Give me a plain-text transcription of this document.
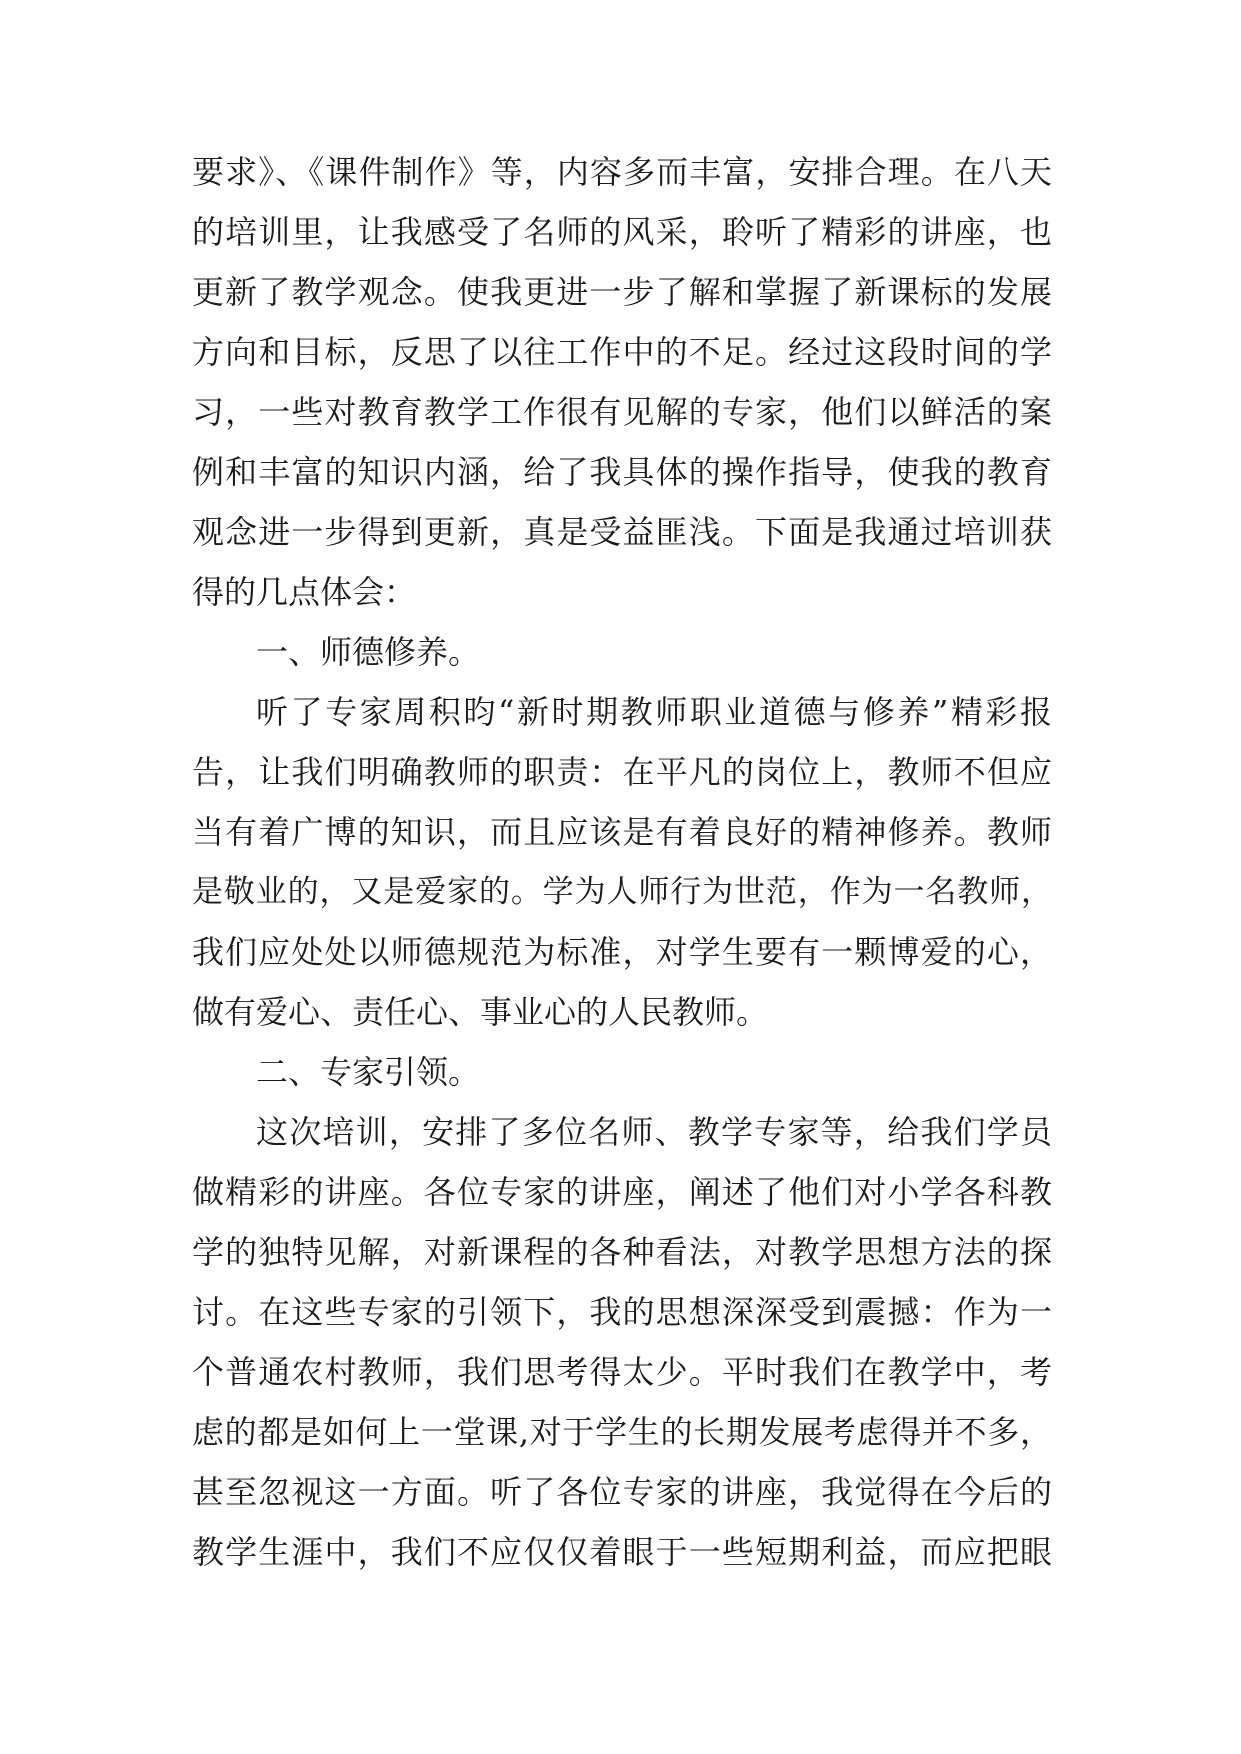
要求》、《课件制作》等，内容多而丰富，安排合理。在八天
的培训里，让我感受了名师的风采，聆听了精彩的讲座，也
更新了教学观念。使我更进一步了解和掌握了新课标的发展
方向和目标，反思了以往工作中的不足。经过这段时间的学
习，一些对教育教学工作很有见解的专家，他们以鲜活的案
例和丰富的知识内涵，给了我具体的操作指导，使我的教育
观念进一步得到更新，真是受益匪浅。下面是我通过培训获
得的几点体会：
一、师德修养。
听了专家周积昀“新时期教师职业道德与修养”精彩报
告，让我们明确教师的职责：在平凡的岗位上，教师不但应
当有着广博的知识，而且应该是有着良好的精神修养。教师
是敬业的，又是爱家的。学为人师行为世范，作为一名教师，
我们应处处以师德规范为标准，对学生要有一颗博爱的心，
做有爱心、责任心、事业心的人民教师。
二、专家引领。
这次培训，安排了多位名师、教学专家等，给我们学员
做精彩的讲座。各位专家的讲座，阐述了他们对小学各科教
学的独特见解，对新课程的各种看法，对教学思想方法的探
讨。在这些专家的引领下，我的思想深深受到震撼：作为一
个普通农村教师，我们思考得太少。平时我们在教学中，考
虑的都是如何上一堂课,对于学生的长期发展考虑得并不多，
甚至忽视这一方面。听了各位专家的讲座，我觉得在今后的
教学生涯中，我们不应仅仅着眼于一些短期利益，而应把眼
